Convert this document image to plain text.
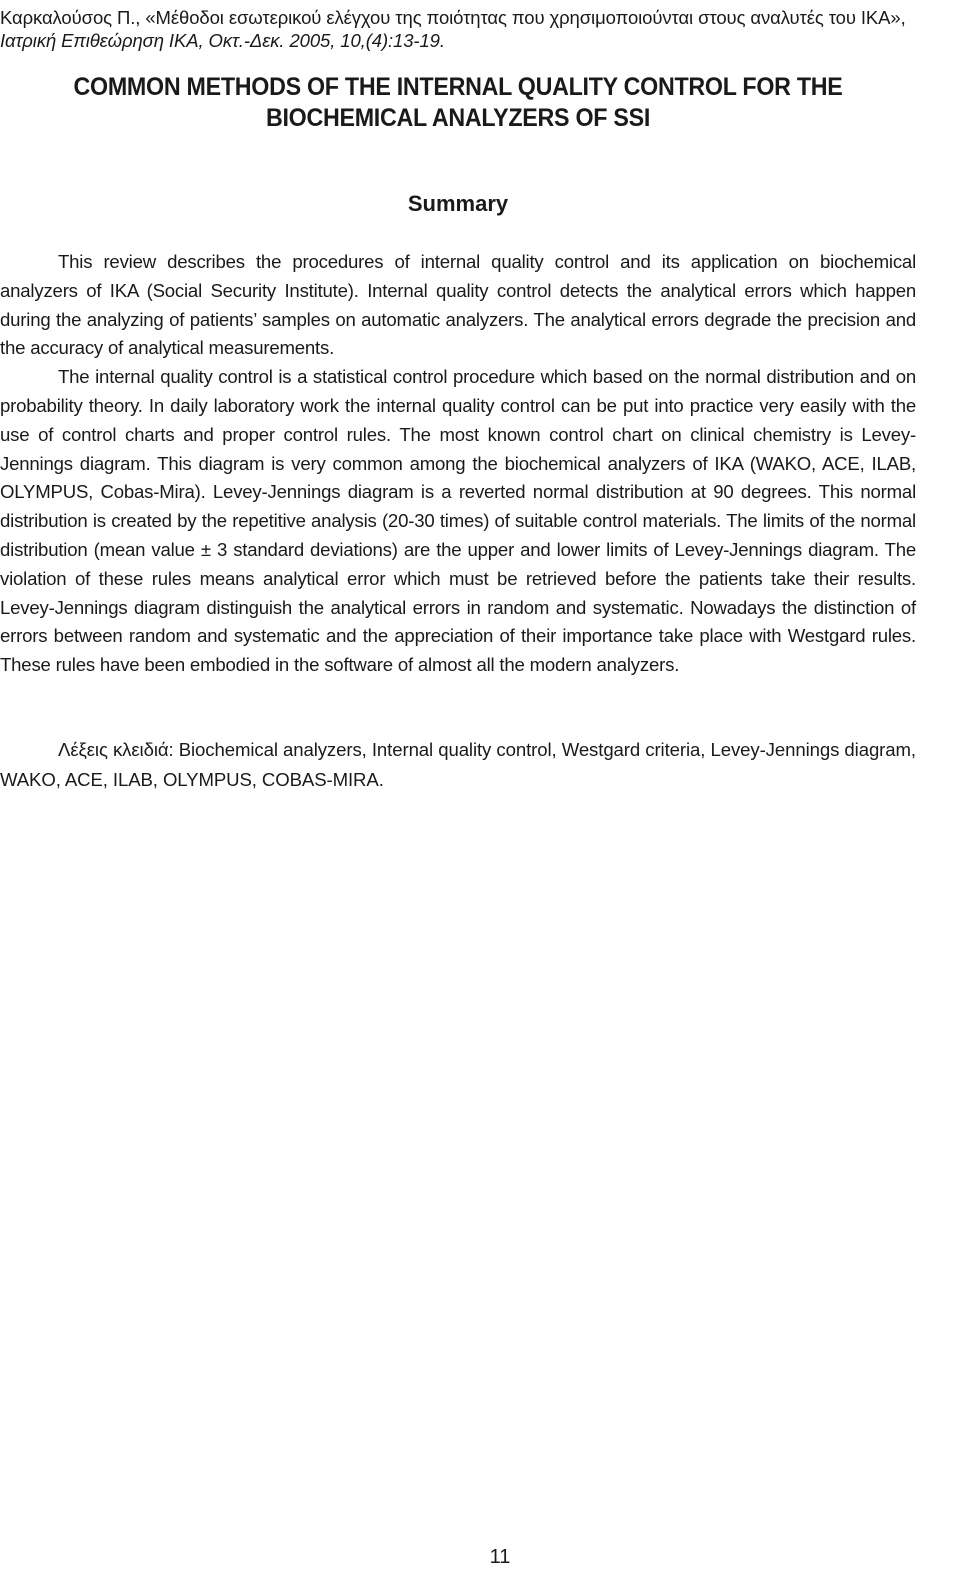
Καρκαλούσος Π., «Μέθοδοι εσωτερικού ελέγχου της ποιότητας που χρησιμοποιούνται στους αναλυτές του ΙΚΑ»,
Ιατρική Επιθεώρηση ΙΚΑ, Οκτ.-Δεκ. 2005, 10,(4):13-19.
COMMON METHODS OF THE INTERNAL QUALITY CONTROL FOR THE
BIOCHEMICAL ANALYZERS OF SSI
Summary

This review describes the procedures of internal quality control and its application on biochemical analyzers of IKA (Social Security Institute). Internal quality control detects the analytical errors which happen during the analyzing of patients’ samples on automatic analyzers. The analytical errors degrade the precision and the accuracy of analytical measurements.

The internal quality control is a statistical control procedure which based on the normal distribution and on probability theory. In daily laboratory work the internal quality control can be put into practice very easily with the use of control charts and proper control rules. The most known control chart on clinical chemistry is Levey-Jennings diagram. This diagram is very common among the biochemical analyzers of IKA (WAKO, ACE, ILAB, OLYMPUS, Cobas-Mira). Levey-Jennings diagram is a reverted normal distribution at 90 degrees. This normal distribution is created by the repetitive analysis (20-30 times) of suitable control materials. The limits of the normal distribution (mean value ± 3 standard deviations) are the upper and lower limits of Levey-Jennings diagram. The violation of these rules means analytical error which must be retrieved before the patients take their results. Levey-Jennings diagram distinguish the analytical errors in random and systematic. Nowadays the distinction of errors between random and systematic and the appreciation of their importance take place with Westgard rules. These rules have been embodied in the software of almost all the modern analyzers.

Λέξεις κλειδιά: Biochemical analyzers, Internal quality control, Westgard criteria, Levey-Jennings diagram, WAKO, ACE, ILAB, OLYMPUS, COBAS-MIRA.
11
